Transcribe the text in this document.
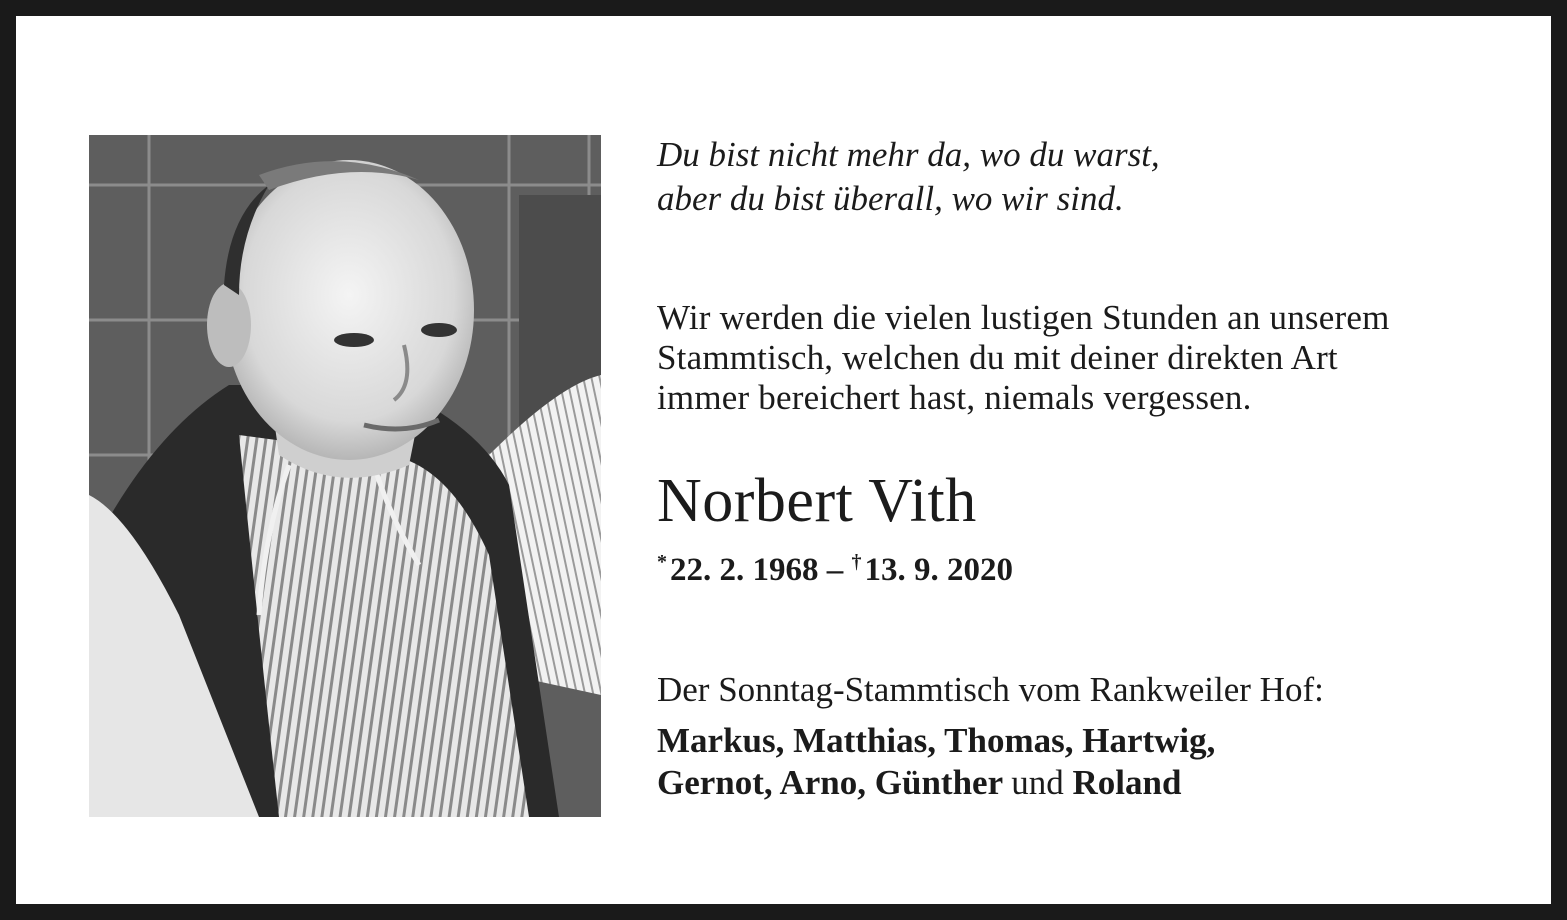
Du bist nicht mehr da, wo du warst,
aber du bist überall, wo wir sind.
Wir werden die vielen lustigen Stunden an unserem
Stammtisch, welchen du mit deiner direkten Art
immer bereichert hast, niemals vergessen.
Norbert Vith
*22. 2. 1968 – †13. 9. 2020
Der Sonntag-Stammtisch vom Rankweiler Hof:
Markus, Matthias, Thomas, Hartwig,
Gernot, Arno, Günther und Roland
